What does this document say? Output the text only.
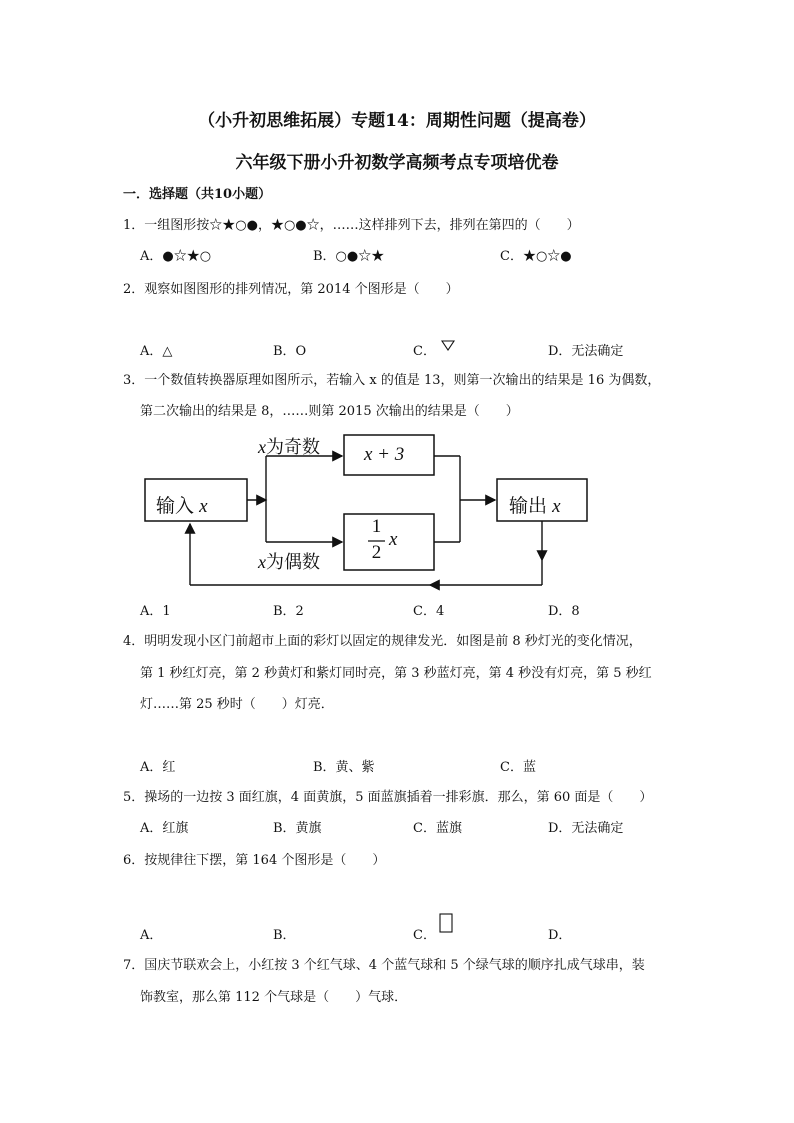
（小升初思维拓展）专题14：周期性问题（提高卷）
六年级下册小升初数学高频考点专项培优卷
一．选择题（共10小题）
1．一组图形按☆★○●，★○●☆，……这样排列下去，排列在第四的（　　）
A．●☆★○	B．○●☆★	C．★○☆●
2．观察如图图形的排列情况，第 2014 个图形是（　　）
A．△	B．O	C．	D．无法确定
3．一个数值转换器原理如图所示，若输入 x 的值是 13，则第一次输出的结果是 16 为偶数，
第二次输出的结果是 8，……则第 2015 次输出的结果是（　　）
输入 x	输出 x
x为奇数
x为偶数
x + 3
1
2
x
A．1	B．2	C．4	D．8
4．明明发现小区门前超市上面的彩灯以固定的规律发光．如图是前 8 秒灯光的变化情况，
第 1 秒红灯亮，第 2 秒黄灯和紫灯同时亮，第 3 秒蓝灯亮，第 4 秒没有灯亮，第 5 秒红
灯……第 25 秒时（　　）灯亮．
A．红	B．黄、紫	C．蓝
5．操场的一边按 3 面红旗，4 面黄旗，5 面蓝旗插着一排彩旗．那么，第 60 面是（　　）
A．红旗	B．黄旗	C．蓝旗	D．无法确定
6．按规律往下摆，第 164 个图形是（　　）
A．	B．	C．	D．
7．国庆节联欢会上，小红按 3 个红气球、4 个蓝气球和 5 个绿气球的顺序扎成气球串，装
饰教室，那么第 112 个气球是（　　）气球．
